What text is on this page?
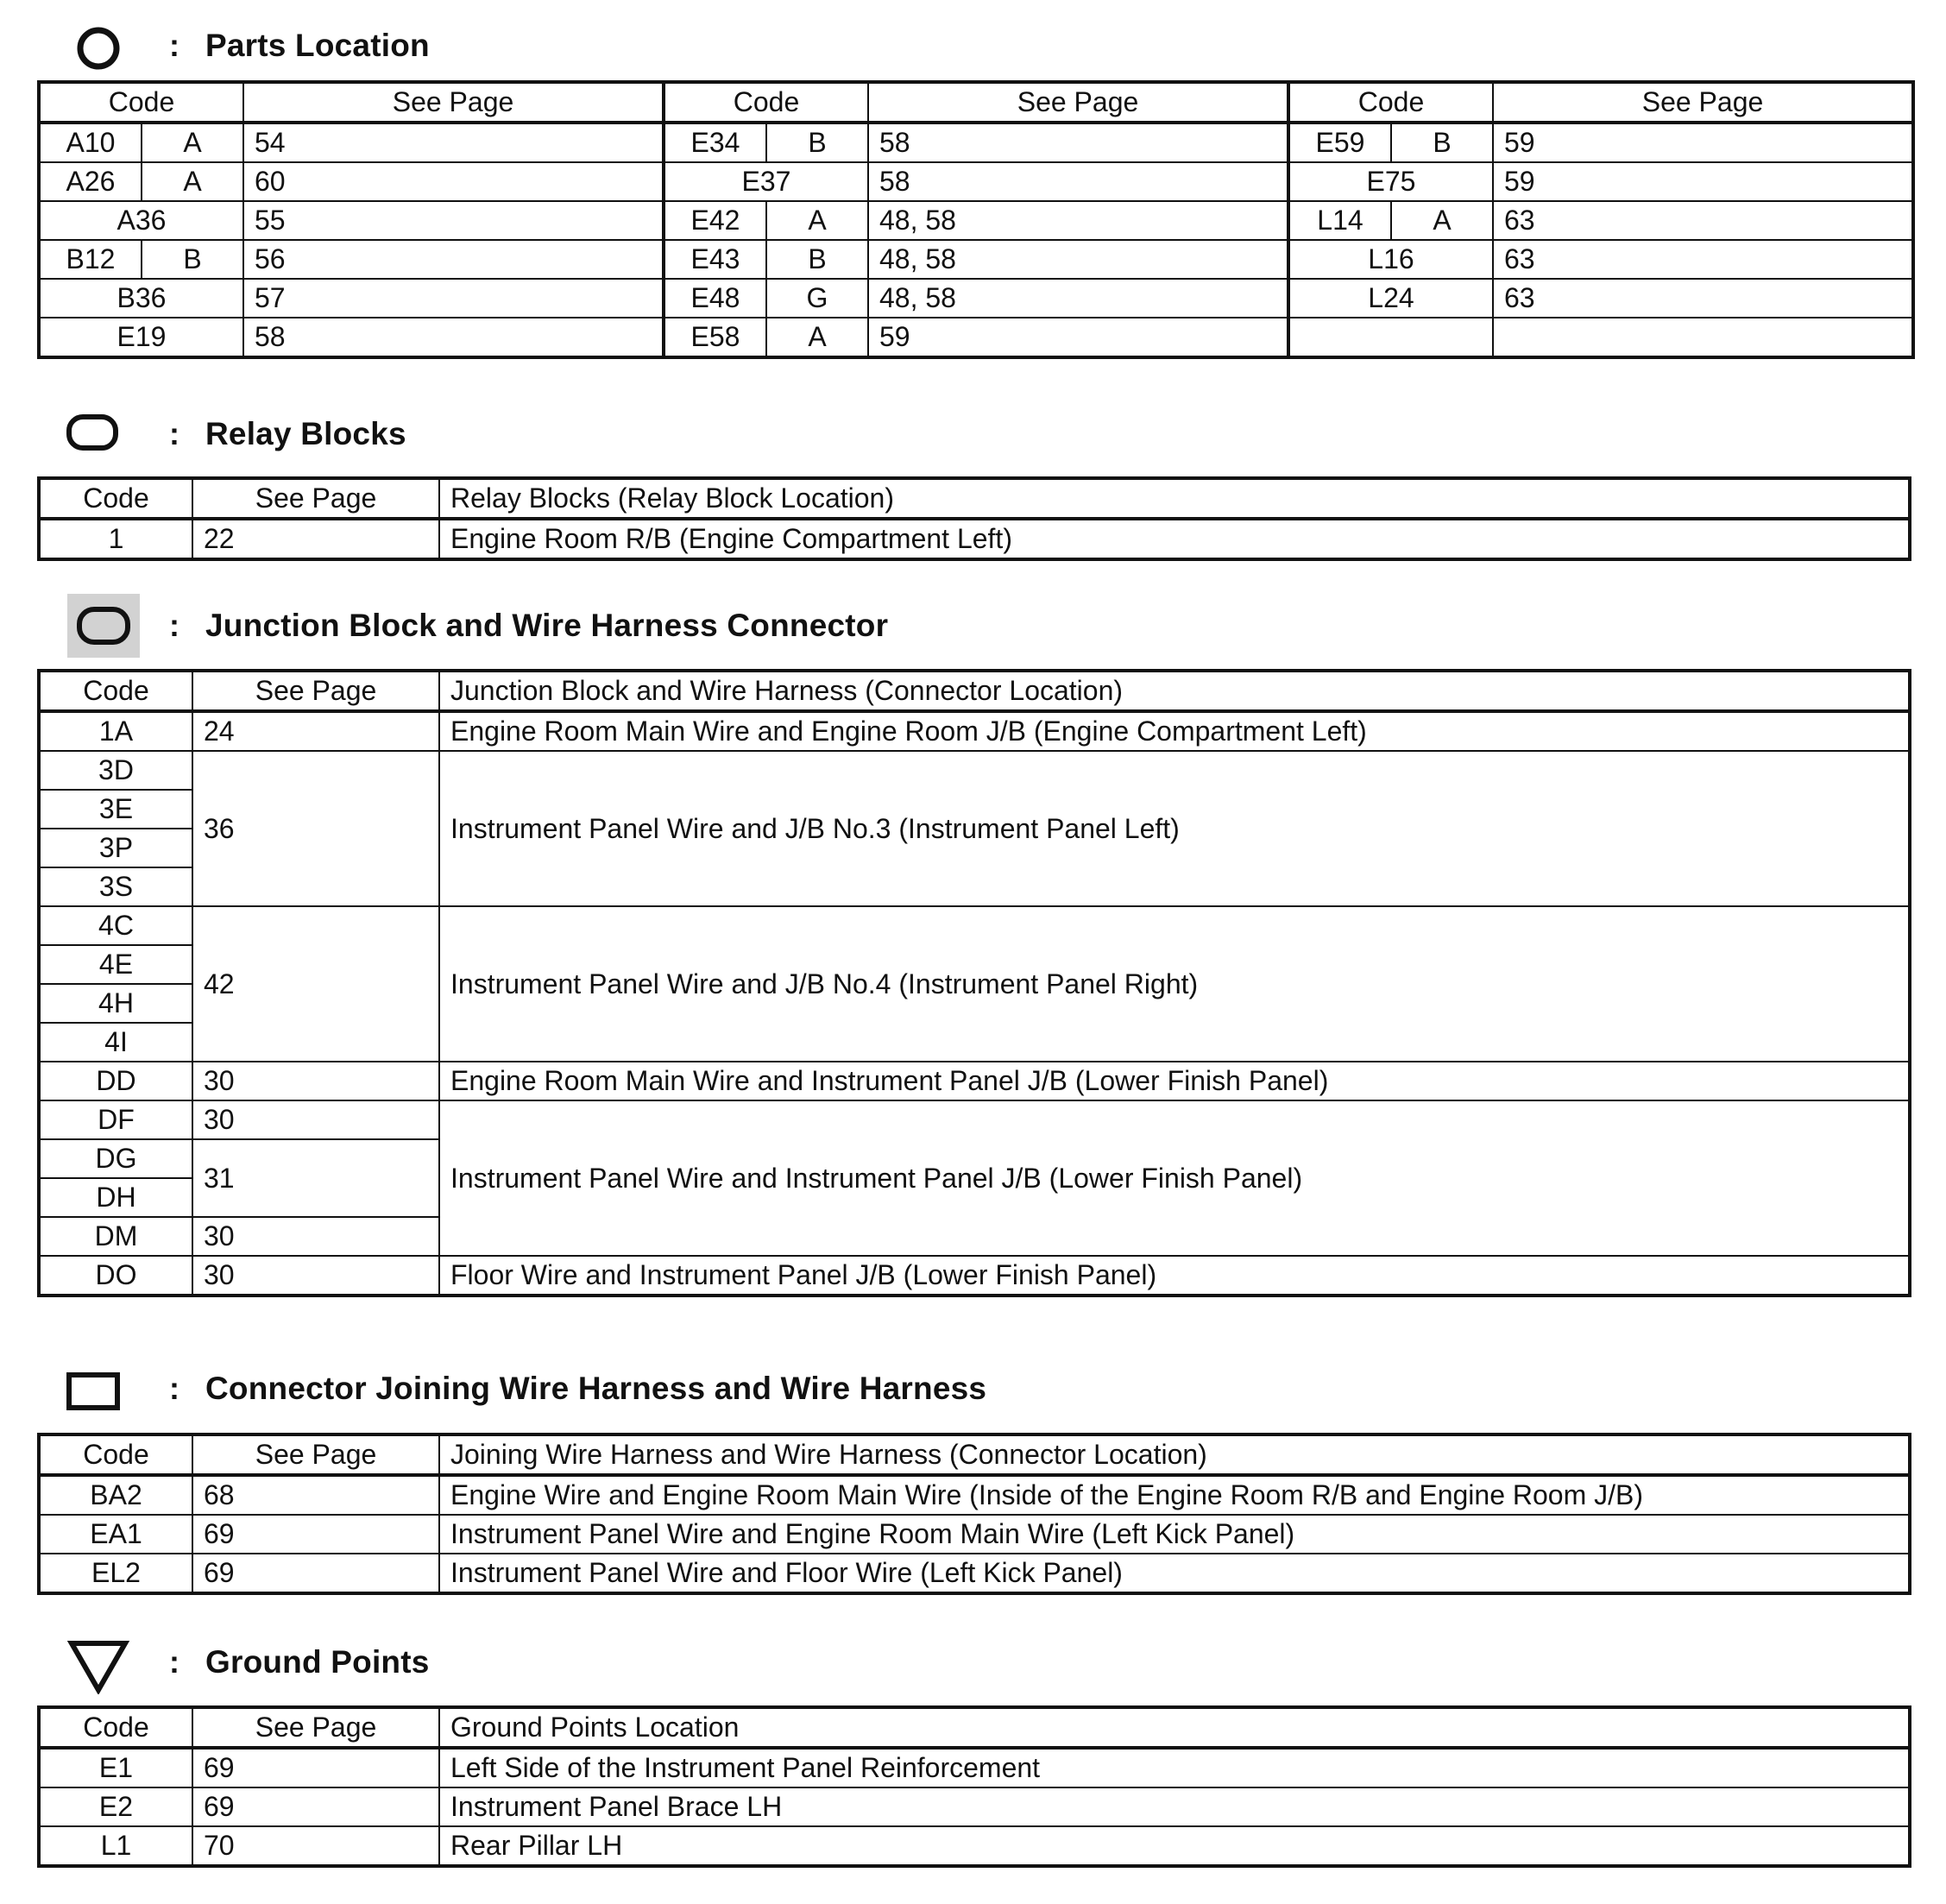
: Parts Location
Code		See Page	Code		See Page	Code		See Page
A10	A	54	E34	B	58	E59	B	59
A26	A	60	E37		58	E75		59
A36		55	E42	A	48, 58	L14	A	63
B12	B	56	E43	B	48, 58	L16		63
B36		57	E48	G	48, 58	L24		63
E19		58	E58	A	59			
: Relay Blocks
Code	See Page	Relay Blocks (Relay Block Location)
1	22	Engine Room R/B (Engine Compartment Left)
: Junction Block and Wire Harness Connector
Code	See Page	Junction Block and Wire Harness (Connector Location)
1A	24	Engine Room Main Wire and Engine Room J/B (Engine Compartment Left)
3D	36	Instrument Panel Wire and J/B No.3 (Instrument Panel Left)
3E		
3P		
3S		
4C	42	Instrument Panel Wire and J/B No.4 (Instrument Panel Right)
4E		
4H		
4I		
DD	30	Engine Room Main Wire and Instrument Panel J/B (Lower Finish Panel)
DF	30	Instrument Panel Wire and Instrument Panel J/B (Lower Finish Panel)
DG	31	
DH		
DM	30	
DO	30	Floor Wire and Instrument Panel J/B (Lower Finish Panel)
: Connector Joining Wire Harness and Wire Harness
Code	See Page	Joining Wire Harness and Wire Harness (Connector Location)
BA2	68	Engine Wire and Engine Room Main Wire (Inside of the Engine Room R/B and Engine Room J/B)
EA1	69	Instrument Panel Wire and Engine Room Main Wire (Left Kick Panel)
EL2	69	Instrument Panel Wire and Floor Wire (Left Kick Panel)
: Ground Points
Code	See Page	Ground Points Location
E1	69	Left Side of the Instrument Panel Reinforcement
E2	69	Instrument Panel Brace LH
L1	70	Rear Pillar LH
